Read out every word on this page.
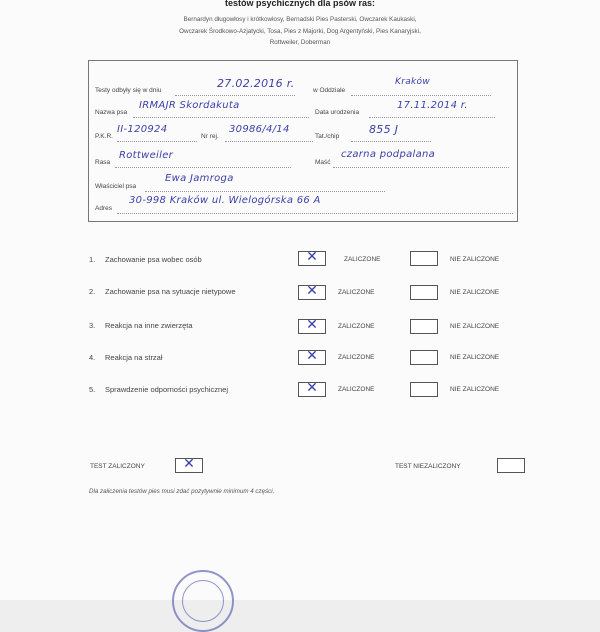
testów psychicznych dla psów ras:
Bernardyn długowłosy i krótkowłosy, Bernadski Pies Pasterski, Owczarek Kaukaski,
Owczarek Środkowo-Azjatycki, Tosa, Pies z Majorki, Dog Argentyński, Pies Kanaryjski,
Rottweiler, Doberman
Testy odbyły się w dniu
27.02.2016 r.
w Oddziale
Kraków
Nazwa psa
IRMAJR Skordakuta
Data urodzenia
17.11.2014 r.
P.K.R.
II-120924
Nr rej.
30986/4/14
Tat./chip
855 J
Rasa
Rottweiler
Maść
czarna podpalana
Właściciel psa
Ewa Jamroga
Adres
30-998 Kraków ul. Wielogórska 66 A
1. Zachowanie psa wobec osób	✕	ZALICZONE	NIE ZALICZONE
2. Zachowanie psa na sytuacje nietypowe	✕	ZALICZONE	NIE ZALICZONE
3. Reakcja na inne zwierzęta	✕	ZALICZONE	NIE ZALICZONE
4. Reakcja na strzał	✕	ZALICZONE	NIE ZALICZONE
5. Sprawdzenie odporności psychicznej	✕	ZALICZONE	NIE ZALICZONE
TEST ZALICZONY	✕	TEST NIEZALICZONY
Dla zaliczenia testów pies musi zdać pozytywnie minimum 4 części.
